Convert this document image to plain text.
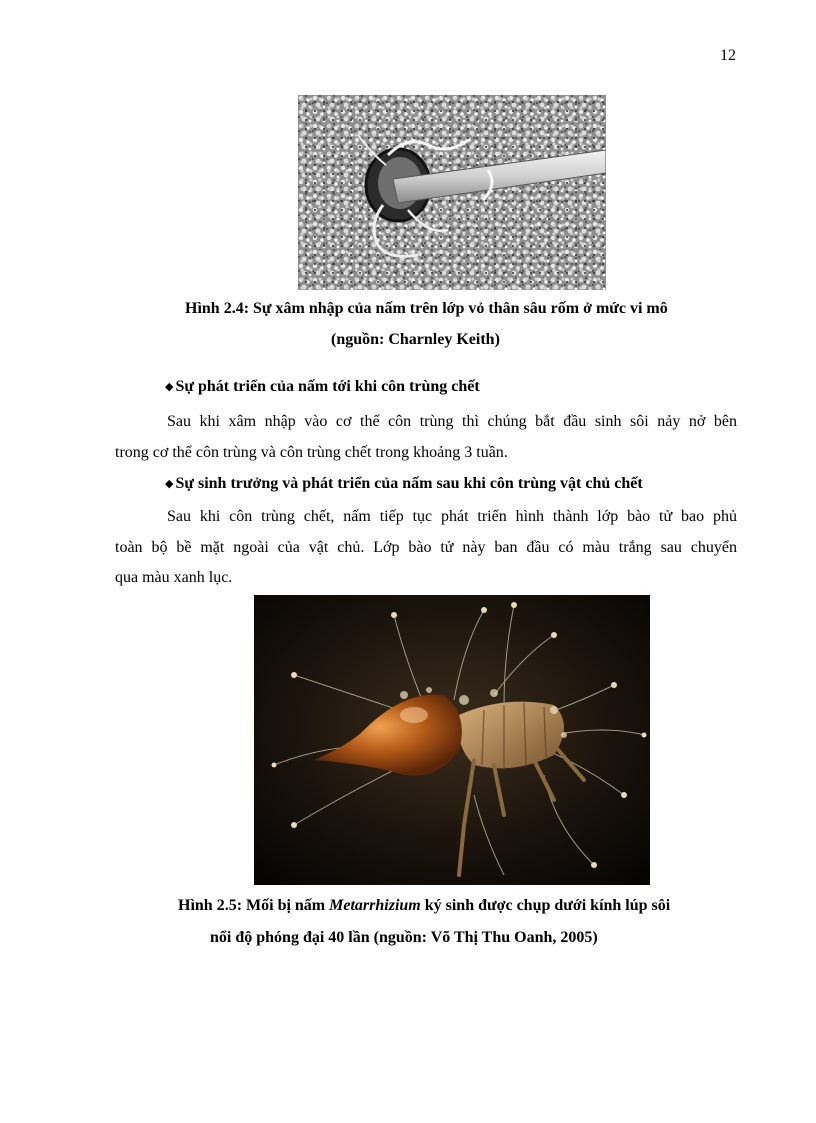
12
Hình 2.4: Sự xâm nhập của nấm trên lớp vỏ thân sâu rốm ở mức vi mô
(nguồn: Charnley Keith)
◆ Sự phát triển của nấm tới khi côn trùng chết
Sau khi xâm nhập vào cơ thể côn trùng thì chúng bắt đầu sinh sôi nảy nở bên
trong cơ thể côn trùng và côn trùng chết trong khoảng 3 tuần.
◆ Sự sinh trưởng và phát triển của nấm sau khi côn trùng vật chủ chết
Sau khi côn trùng chết, nấm tiếp tục phát triển hình thành lớp bào tử bao phủ
toàn bộ bề mặt ngoài của vật chủ. Lớp bào tử này ban đầu có màu trắng sau chuyển
qua màu xanh lục.
Hình 2.5: Mối bị nấm Metarrhizium ký sinh được chụp dưới kính lúp sôi
nổi độ phóng đại 40 lần (nguồn: Võ Thị Thu Oanh, 2005)
